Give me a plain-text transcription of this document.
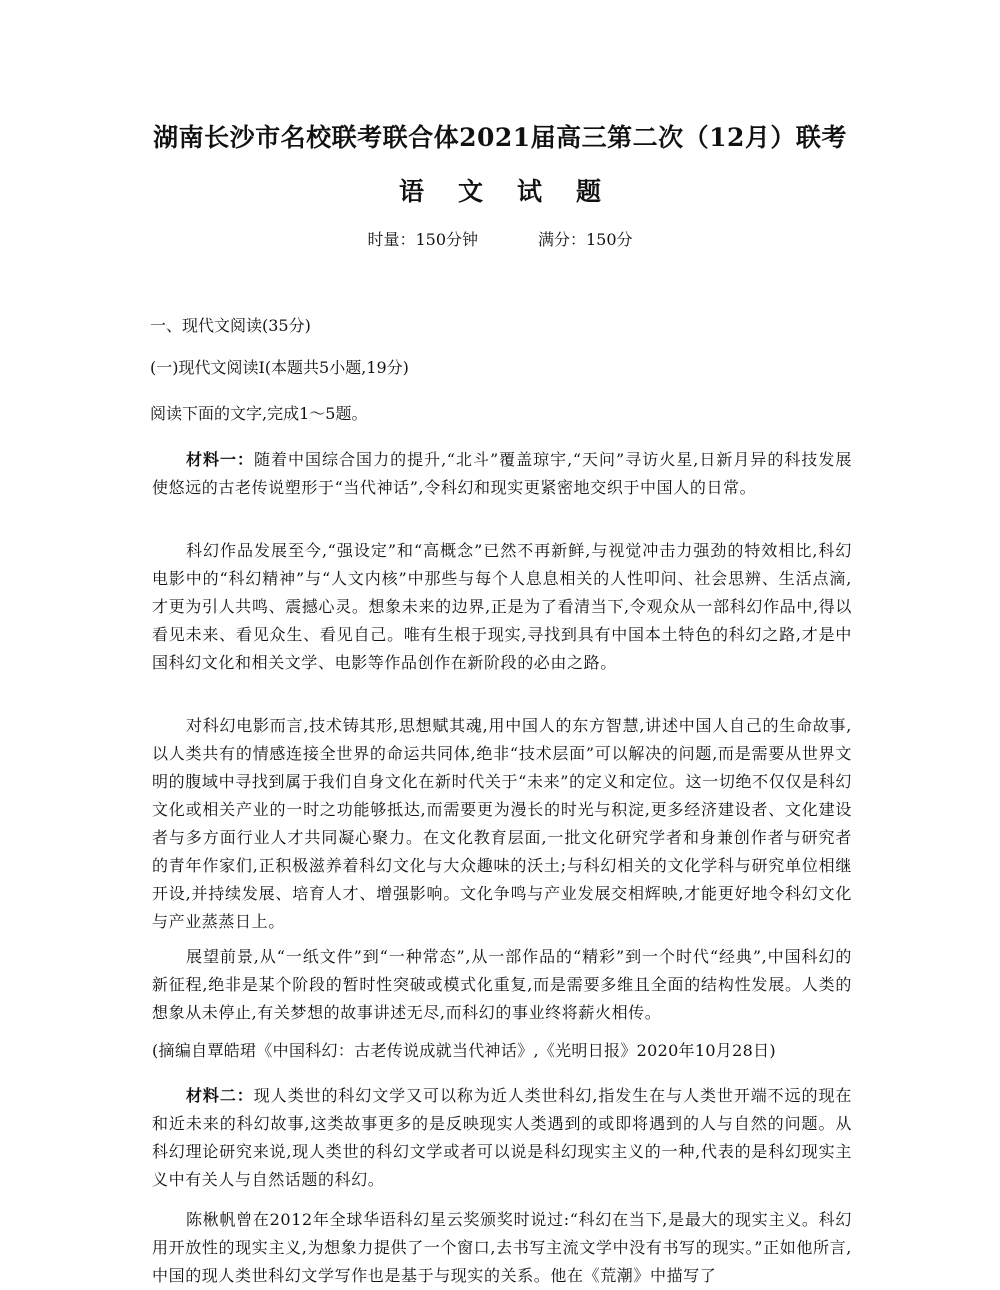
湖南长沙市名校联考联合体2021届高三第二次（12月）联考
语文试题
时量：150分钟	满分：150分
一、现代文阅读(35分)
(一)现代文阅读Ⅰ(本题共5小题,19分)
阅读下面的文字,完成1～5题。
材料一：随着中国综合国力的提升,“北斗”覆盖琼宇,“天问”寻访火星,日新月异的科技发展使悠远的古老传说塑形于“当代神话”,令科幻和现实更紧密地交织于中国人的日常。
科幻作品发展至今,“强设定”和“高概念”已然不再新鲜,与视觉冲击力强劲的特效相比,科幻电影中的“科幻精神”与“人文内核”中那些与每个人息息相关的人性叩问、社会思辨、生活点滴,才更为引人共鸣、震撼心灵。想象未来的边界,正是为了看清当下,令观众从一部科幻作品中,得以看见未来、看见众生、看见自己。唯有生根于现实,寻找到具有中国本土特色的科幻之路,才是中国科幻文化和相关文学、电影等作品创作在新阶段的必由之路。
对科幻电影而言,技术铸其形,思想赋其魂,用中国人的东方智慧,讲述中国人自己的生命故事,以人类共有的情感连接全世界的命运共同体,绝非“技术层面”可以解决的问题,而是需要从世界文明的腹域中寻找到属于我们自身文化在新时代关于“未来”的定义和定位。这一切绝不仅仅是科幻文化或相关产业的一时之功能够抵达,而需要更为漫长的时光与积淀,更多经济建设者、文化建设者与多方面行业人才共同凝心聚力。在文化教育层面,一批文化研究学者和身兼创作者与研究者的青年作家们,正积极滋养着科幻文化与大众趣味的沃土;与科幻相关的文化学科与研究单位相继开设,并持续发展、培育人才、增强影响。文化争鸣与产业发展交相辉映,才能更好地令科幻文化与产业蒸蒸日上。
展望前景,从“一纸文件”到“一种常态”,从一部作品的“精彩”到一个时代“经典”,中国科幻的新征程,绝非是某个阶段的暂时性突破或模式化重复,而是需要多维且全面的结构性发展。人类的想象从未停止,有关梦想的故事讲述无尽,而科幻的事业终将薪火相传。
(摘编自覃皓珺《中国科幻：古老传说成就当代神话》,《光明日报》2020年10月28日)
材料二：现人类世的科幻文学又可以称为近人类世科幻,指发生在与人类世开端不远的现在和近未来的科幻故事,这类故事更多的是反映现实人类遇到的或即将遇到的人与自然的问题。从科幻理论研究来说,现人类世的科幻文学或者可以说是科幻现实主义的一种,代表的是科幻现实主义中有关人与自然话题的科幻。
陈楸帆曾在2012年全球华语科幻星云奖颁奖时说过:“科幻在当下,是最大的现实主义。科幻用开放性的现实主义,为想象力提供了一个窗口,去书写主流文学中没有书写的现实。”正如他所言,中国的现人类世科幻文学写作也是基于与现实的关系。他在《荒潮》中描写了
